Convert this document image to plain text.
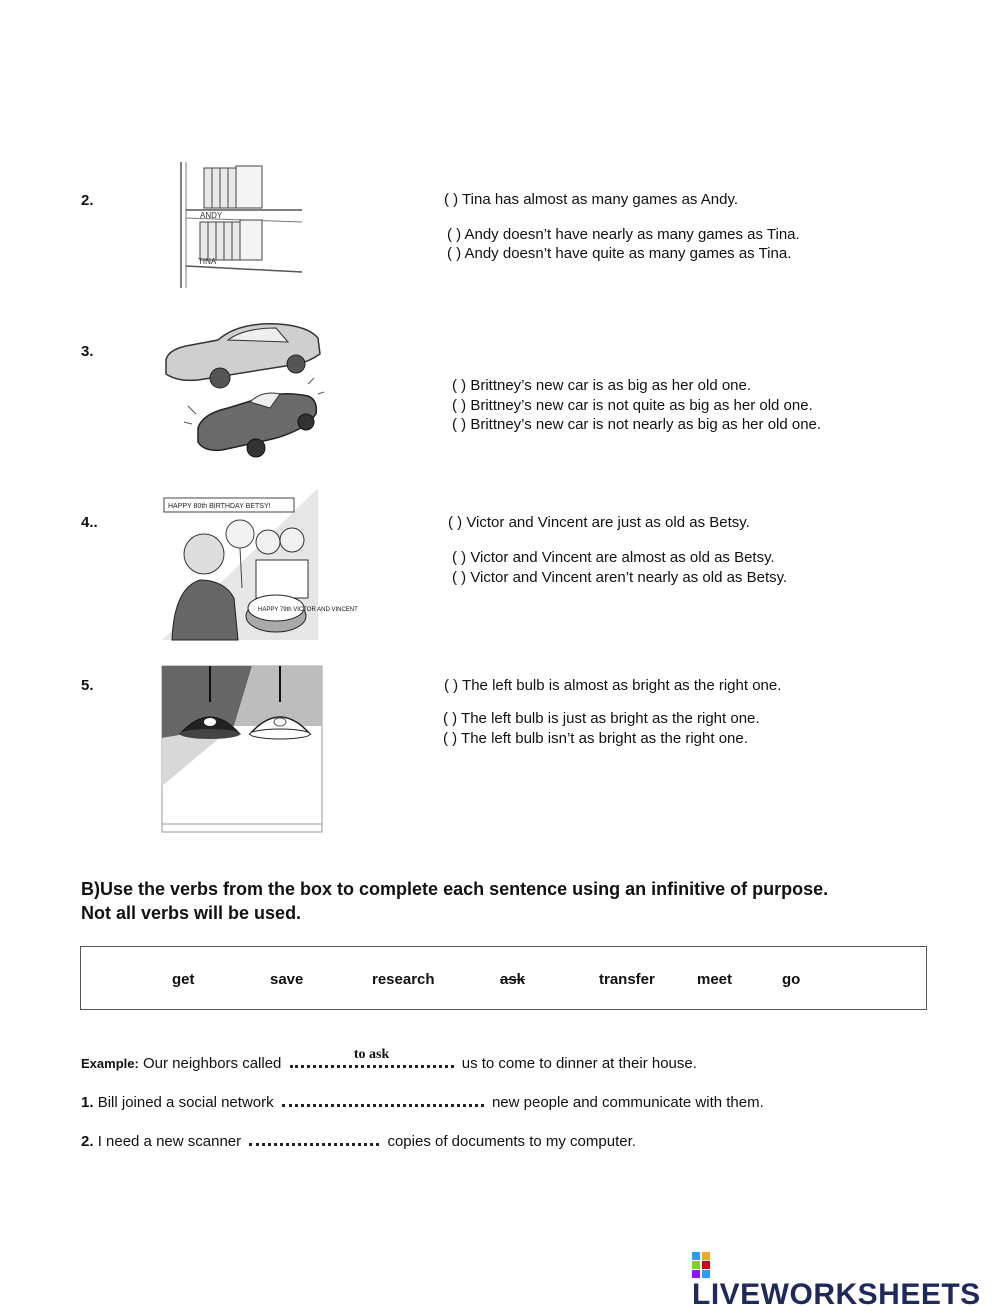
2.
ANDY
TINA
( ) Tina has almost as many games as Andy.
( ) Andy doesn’t have nearly as many games as Tina.
( ) Andy doesn’t have quite as many games as Tina.
3.
( ) Brittney’s new car is as big as her old one.
( ) Brittney’s new car is not quite as big as her old one.
( ) Brittney’s new car is not nearly as big as her old one.
4..
HAPPY 80th BIRTHDAY BETSY!
HAPPY 79th VICTOR AND VINCENT
( ) Victor and Vincent are just as old as Betsy.
( ) Victor and Vincent are almost as old as Betsy.
( ) Victor and Vincent aren’t nearly as old as Betsy.
5.	( ) The left bulb is almost as bright as the right one.
( ) The left bulb is just as bright as the right one.
( ) The left bulb isn’t as bright as the right one.
B)Use the verbs from the box to complete each sentence using an infinitive of purpose.
Not all verbs will be used.
get	save	research	ask	transfer	meet	go
Example: Our neighbors called
to ask
us to come to dinner at their house.
1. Bill joined a social network	new people and communicate with them.
2. I need a new scanner	copies of documents to my computer.
LIVEWORKSHEETS
